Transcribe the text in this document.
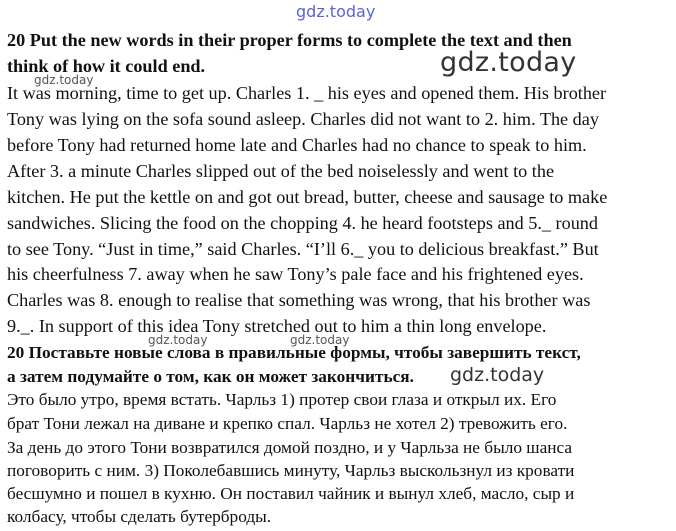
gdz.today
20 Put the new words in their proper forms to complete the text and then
think of how it could end.	gdz.today
gdz.today
It was morning, time to get up. Charles 1. _ his eyes and opened them. His brother
Tony was lying on the sofa sound asleep. Charles did not want to 2. him. The day
before Tony had returned home late and Charles had no chance to speak to him.
After 3. a minute Charles slipped out of the bed noiselessly and went to the
kitchen. He put the kettle on and got out bread, butter, cheese and sausage to make
sandwiches. Slicing the food on the chopping 4. he heard footsteps and 5._ round
to see Tony. “Just in time,” said Charles. “I’ll 6._ you to delicious breakfast.” But
his cheerfulness 7. away when he saw Tony’s pale face and his frightened eyes.
Charles was 8. enough to realise that something was wrong, that his brother was
9._. In support of this idea Tony stretched out to him a thin long envelope.
gdz.today	gdz.today
20 Поставьте новые слова в правильные формы, чтобы завершить текст,
а затем подумайте о том, как он может закончиться. gdz.today
Это было утро, время встать. Чарльз 1) протер свои глаза и открыл их. Его
брат Тони лежал на диване и крепко спал. Чарльз не хотел 2) тревожить его.
За день до этого Тони возвратился домой поздно, и у Чарльза не было шанса
поговорить с ним. 3) Поколебавшись минуту, Чарльз выскользнул из кровати
бесшумно и пошел в кухню. Он поставил чайник и вынул хлеб, масло, сыр и
колбасу, чтобы сделать бутерброды.
